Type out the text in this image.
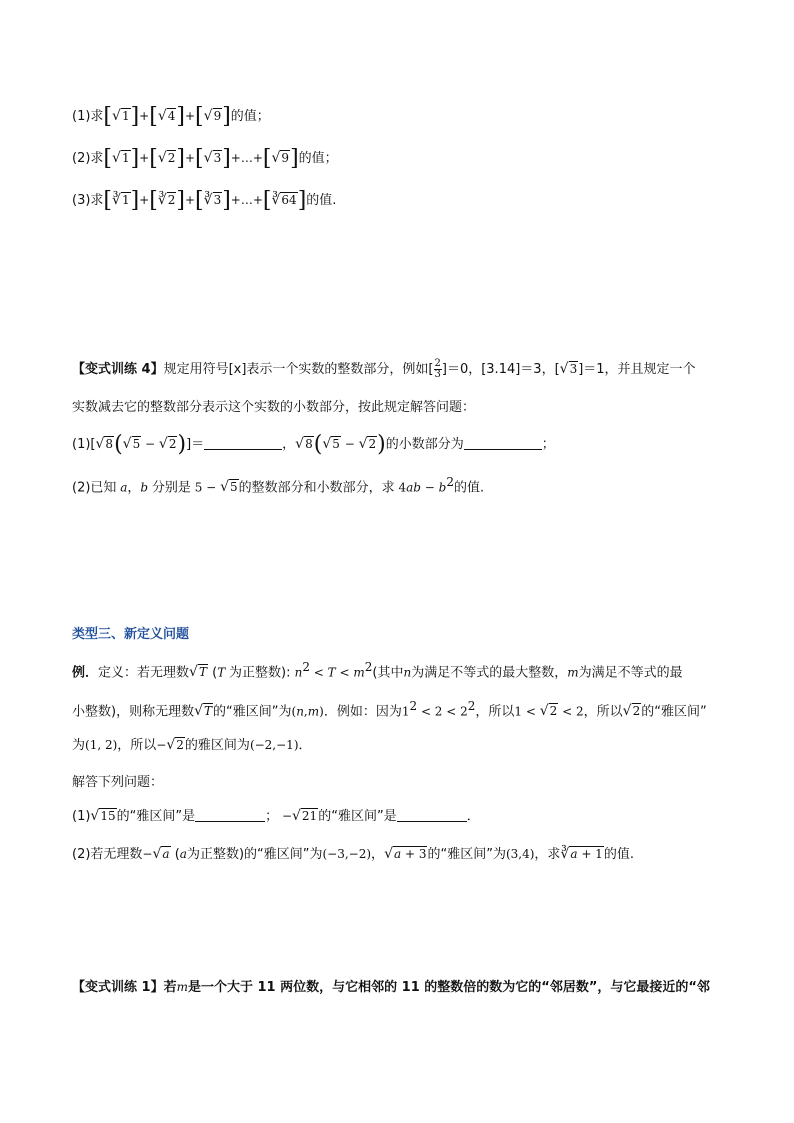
(1)求[√1]+[√4]+[√9]的值；
(2)求[√1]+[√2]+[√3]+…+[√9]的值；
(3)求[∛1]+[∛2]+[∛3]+…+[∛64]的值.
【变式训练 4】规定用符号[x]表示一个实数的整数部分，例如[ $\frac{2}{3} ]=0$，[3.14]＝3，[√3]＝1，并且规定一个
实数减去它的整数部分表示这个实数的小数部分，按此规定解答问题：
(1)[√8(√5 − √2)]＝	，√8(√5 − √2)的小数部分为	；
(2)已知 a，b 分别是 5 − √5的整数部分和小数部分，求 $4ab - b^2$的值.
类型三、新定义问题
例．定义：若无理数√T (T 为正整数): $n^2 < T < m^2$(其中n为满足不等式的最大整数，m为满足不等式的最
小整数)，则称无理数√T的“雅区间”为(n,m)．例如：因为$1^2 < 2 < 2^2$，所以1 < √2 < 2，所以√2的“雅区间”
为(1, 2)，所以−√2的雅区间为(−2,−1)．
解答下列问题：
(1)√15的“雅区间”是	； −√21的“雅区间”是	．
(2)若无理数−√a (a为正整数)的“雅区间”为(−3,−2)，√a + 3的“雅区间”为(3,4)，求∛a + 1的值.
【变式训练 1】若m是一个大于 11 两位数，与它相邻的 11 的整数倍的数为它的“邻居数”，与它最接近的“邻
